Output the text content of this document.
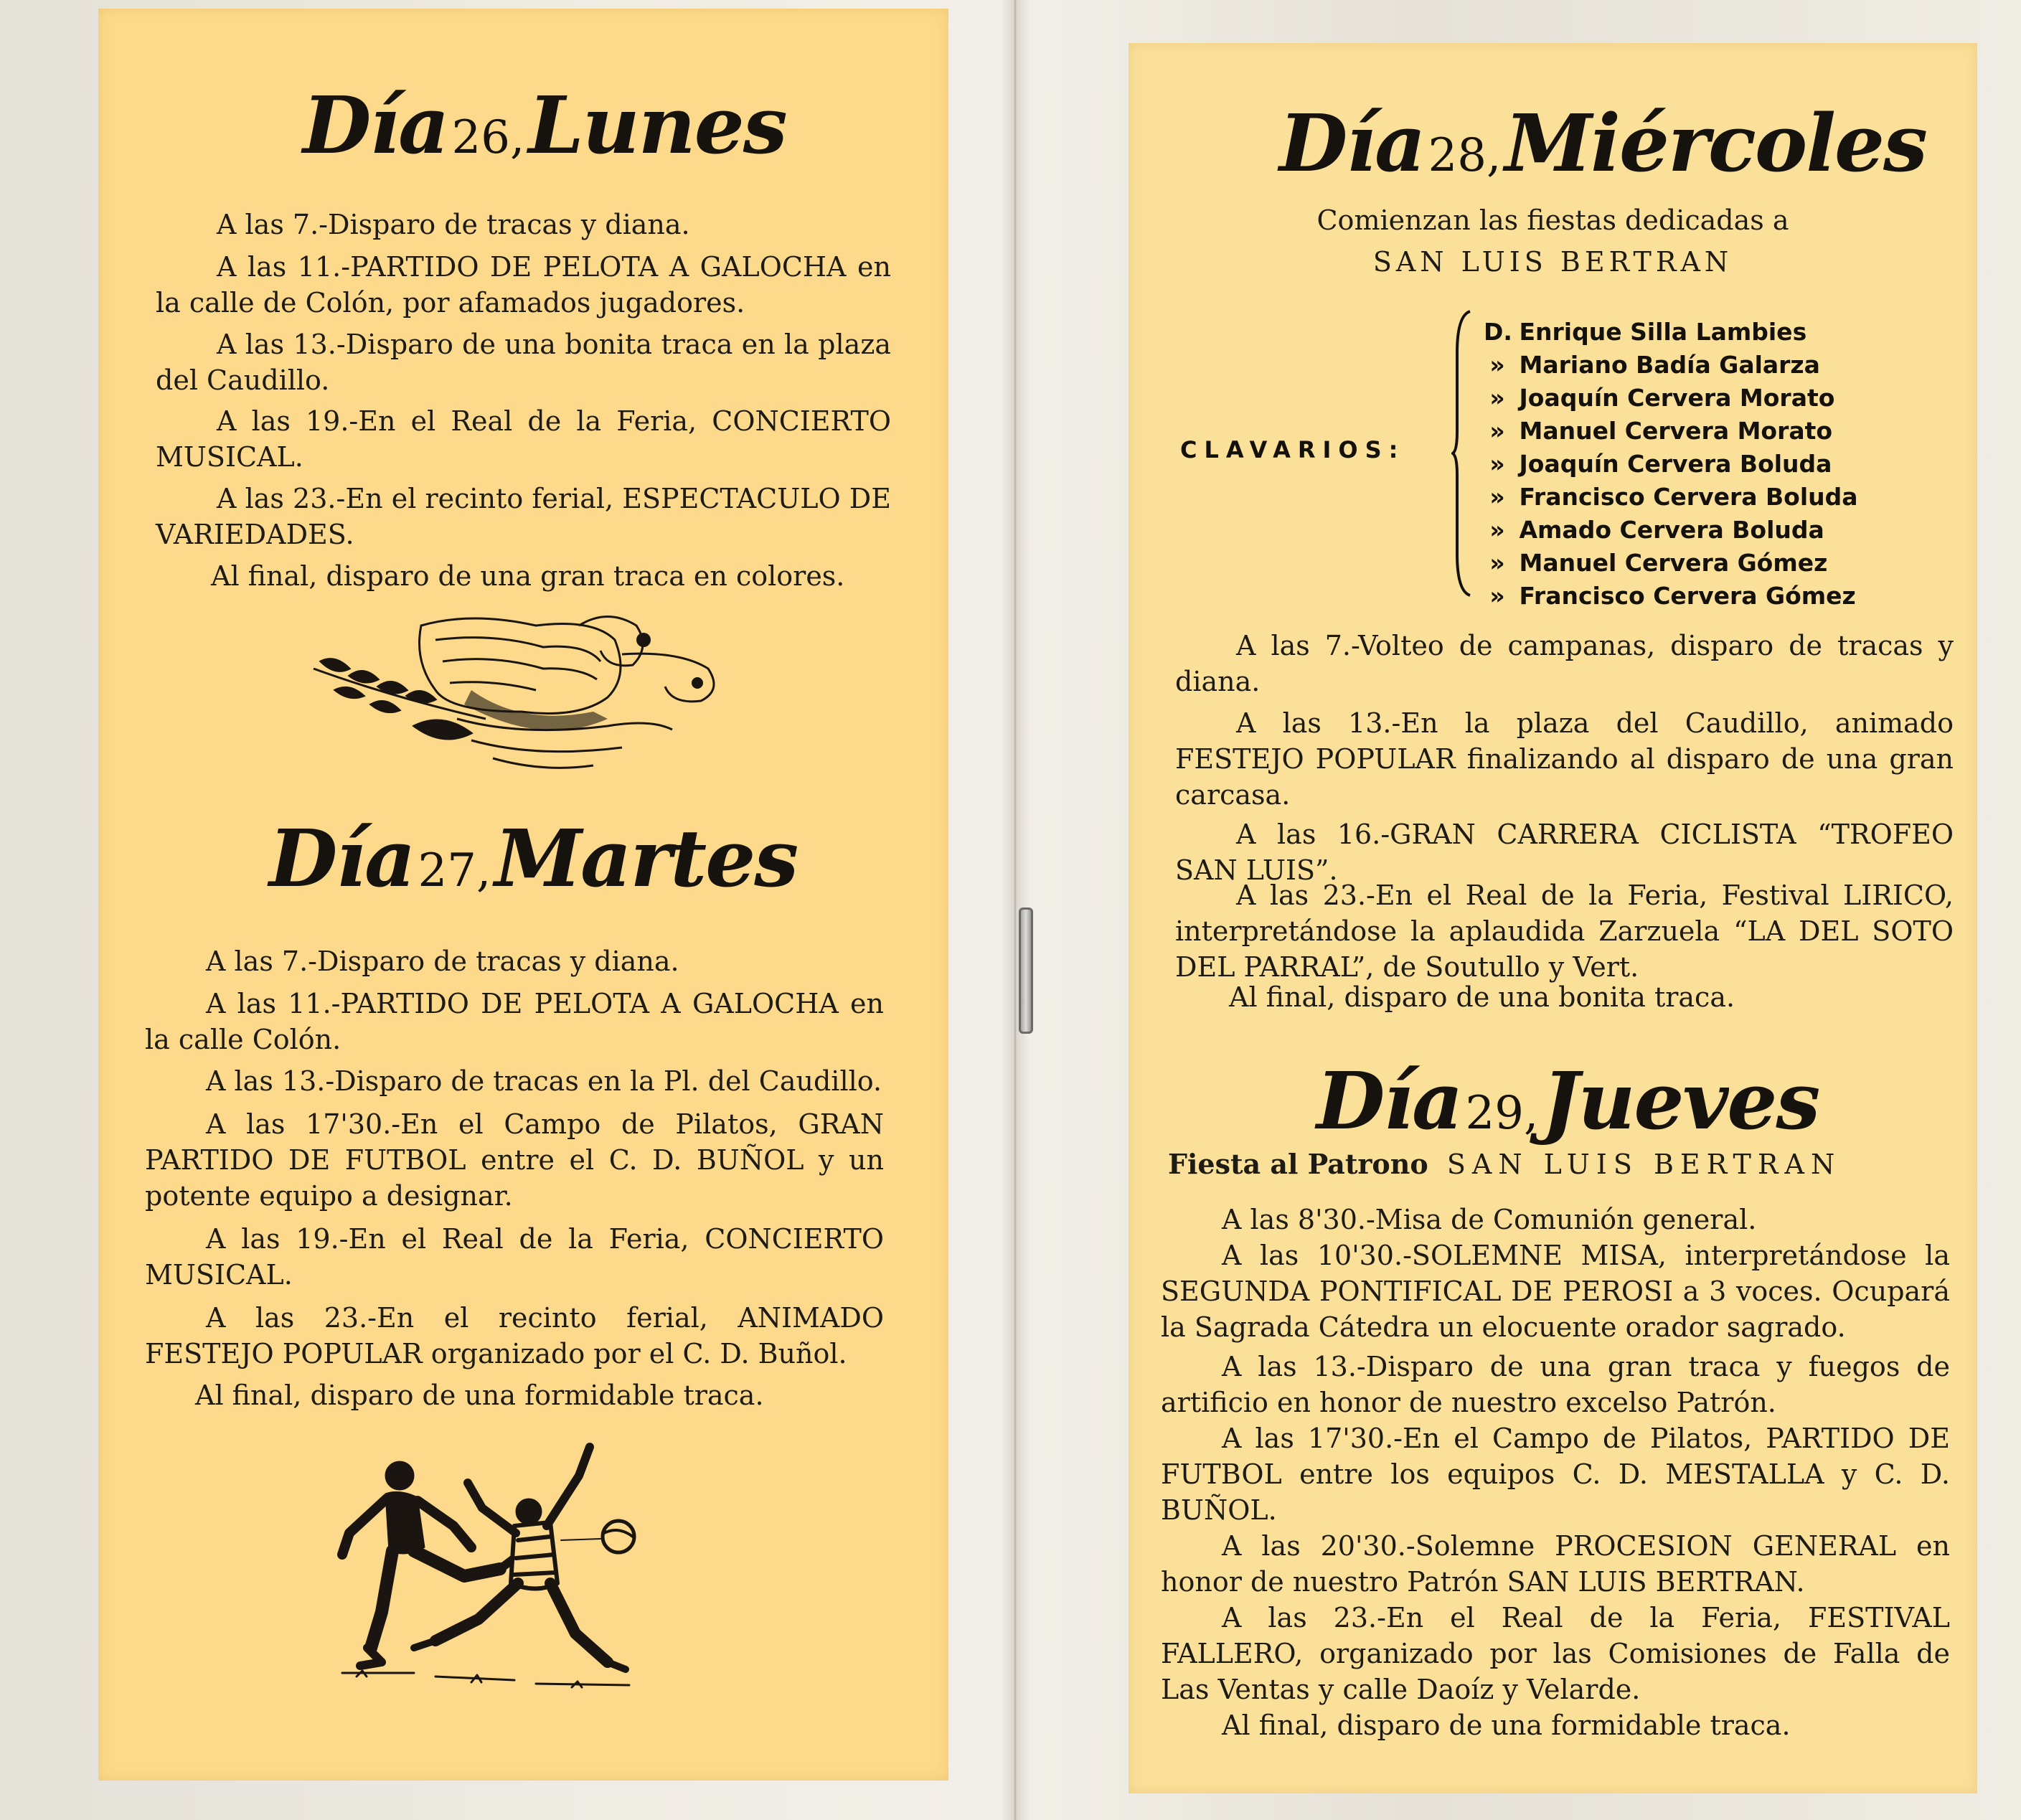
Día 26, Lunes
A las 7.-Disparo de tracas y diana.
A las 11.-PARTIDO DE PELOTA A GALOCHA en la calle de Colón, por afamados jugadores.
A las 13.-Disparo de una bonita traca en la plaza del Caudillo.
A las 19.-En el Real de la Feria, CONCIERTO MUSICAL.
A las 23.-En el recinto ferial, ESPECTACULO DE VARIEDADES.
Al final, disparo de una gran traca en colores.
Día 27, Martes
A las 7.-Disparo de tracas y diana.
A las 11.-PARTIDO DE PELOTA A GALOCHA en la calle Colón.
A las 13.-Disparo de tracas en la Pl. del Caudillo.
A las 17'30.-En el Campo de Pilatos, GRAN PARTIDO DE FUTBOL entre el C. D. BUÑOL y un potente equipo a designar.
A las 19.-En el Real de la Feria, CONCIERTO MUSICAL.
A las 23.-En el recinto ferial, ANIMADO FESTEJO POPULAR organizado por el C. D. Buñol.
Al final, disparo de una formidable traca.
Día 28, Miércoles
Comienzan las fiestas dedicadas a
SAN LUIS BERTRAN
CLAVARIOS:
D. Enrique Silla Lambies
» Mariano Badía Galarza
» Joaquín Cervera Morato
» Manuel Cervera Morato
» Joaquín Cervera Boluda
» Francisco Cervera Boluda
» Amado Cervera Boluda
» Manuel Cervera Gómez
» Francisco Cervera Gómez
A las 7.-Volteo de campanas, disparo de tracas y diana.
A las 13.-En la plaza del Caudillo, animado FESTEJO POPULAR finalizando al disparo de una gran carcasa.
A las 16.-GRAN CARRERA CICLISTA “TROFEO SAN LUIS”.
A las 23.-En el Real de la Feria, Festival LIRICO, interpretándose la aplaudida Zarzuela “LA DEL SOTO DEL PARRAL”, de Soutullo y Vert.
Al final, disparo de una bonita traca.
Día 29, Jueves
Fiesta al Patrono SAN LUIS BERTRAN
A las 8'30.-Misa de Comunión general.
A las 10'30.-SOLEMNE MISA, interpretándose la SEGUNDA PONTIFICAL DE PEROSI a 3 voces. Ocupará la Sagrada Cátedra un elocuente orador sagrado.
A las 13.-Disparo de una gran traca y fuegos de artificio en honor de nuestro excelso Patrón.
A las 17'30.-En el Campo de Pilatos, PARTIDO DE FUTBOL entre los equipos C. D. MESTALLA y C. D. BUÑOL.
A las 20'30.-Solemne PROCESION GENERAL en honor de nuestro Patrón SAN LUIS BERTRAN.
A las 23.-En el Real de la Feria, FESTIVAL FALLERO, organizado por las Comisiones de Falla de Las Ventas y calle Daoíz y Velarde.
Al final, disparo de una formidable traca.
